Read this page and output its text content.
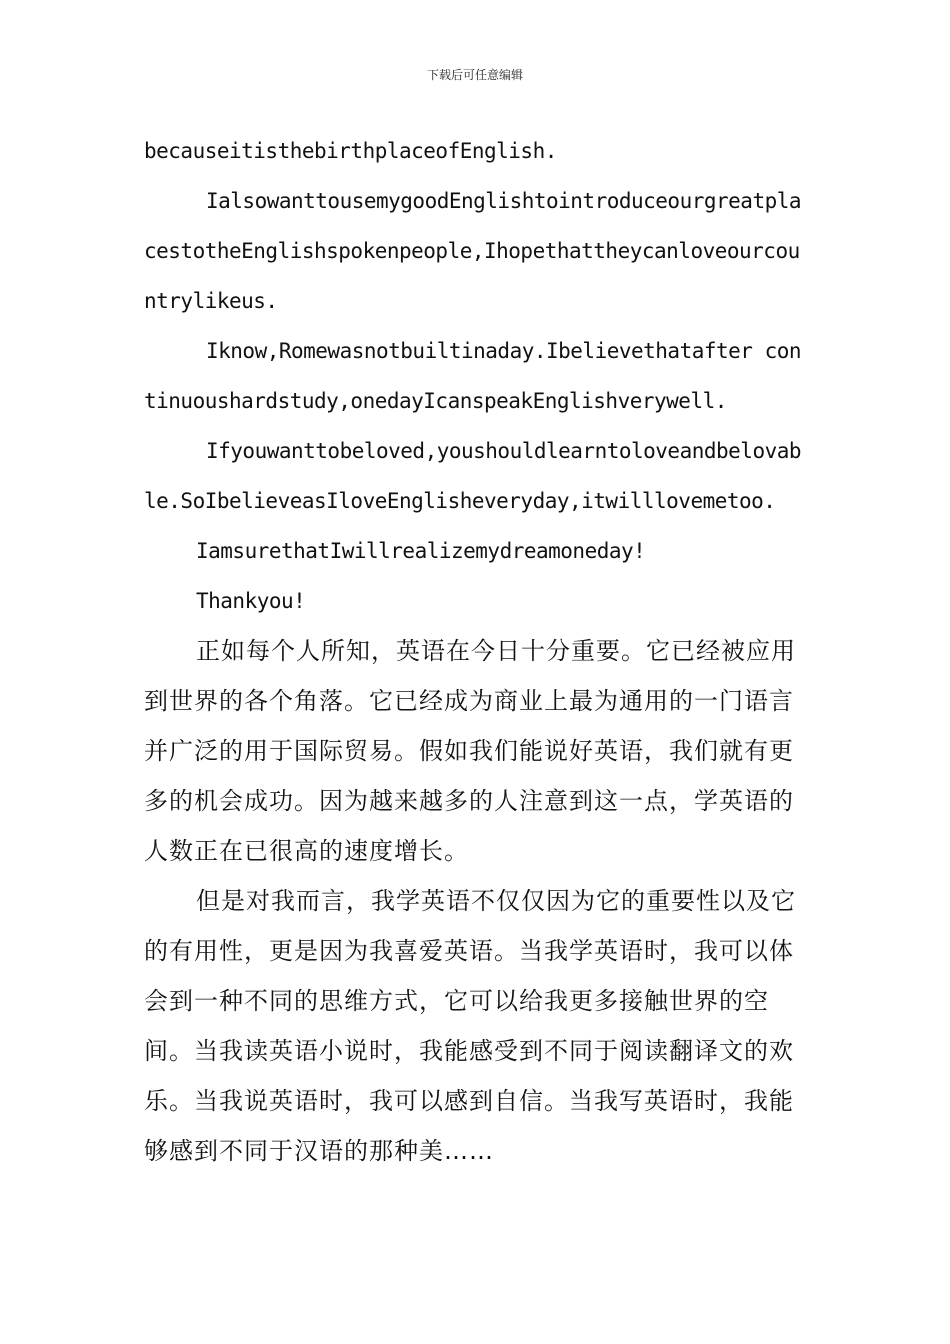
下载后可任意编辑

becauseitisthebirthplaceofEnglish.

IalsowanttousemygoodEnglishtointroduceourgreatplacestotheEnglishspokenpeople,Ihopethattheycanloveourcountrylikeus.

Iknow,Romewasnotbuiltinaday.Ibelievethatafter continuoushardstudy,onedayIcanspeakEnglishverywell.

Ifyouwanttobeloved,youshouldlearntoloveandbelovable.SoIbelieveasIloveEnglisheveryday,itwilllovemetoo.

IamsurethatIwillrealizemydreamoneday!

Thankyou!

正如每个人所知，英语在今日十分重要。它已经被应用到世界的各个角落。它已经成为商业上最为通用的一门语言并广泛的用于国际贸易。假如我们能说好英语，我们就有更多的机会成功。因为越来越多的人注意到这一点，学英语的人数正在已很高的速度增长。

但是对我而言，我学英语不仅仅因为它的重要性以及它的有用性，更是因为我喜爱英语。当我学英语时，我可以体会到一种不同的思维方式，它可以给我更多接触世界的空间。当我读英语小说时，我能感受到不同于阅读翻译文的欢乐。当我说英语时，我可以感到自信。当我写英语时，我能够感到不同于汉语的那种美……
